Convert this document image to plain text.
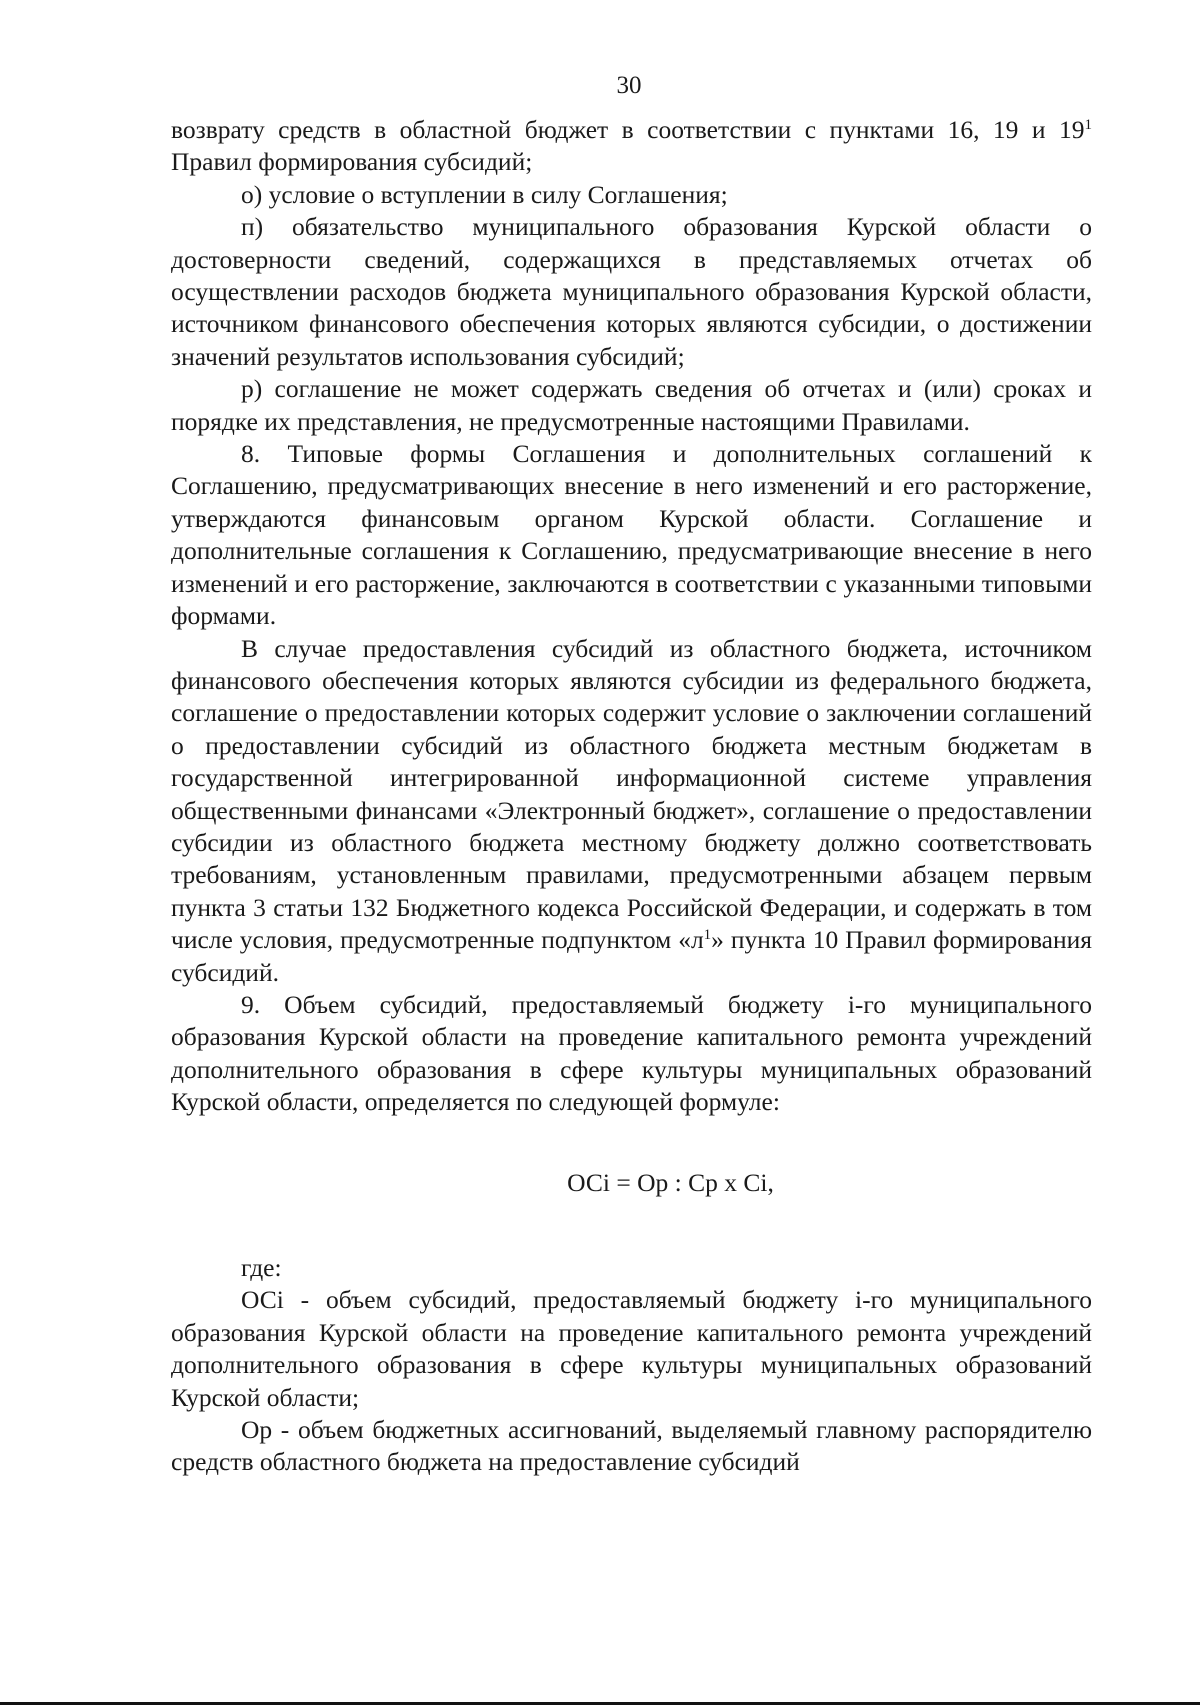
30

возврату средств в областной бюджет в соответствии с пунктами 16, 19 и $19^1$ Правил формирования субсидий;

о) условие о вступлении в силу Соглашения;

п) обязательство муниципального образования Курской области о достоверности сведений, содержащихся в представляемых отчетах об осуществлении расходов бюджета муниципального образования Курской области, источником финансового обеспечения которых являются субсидии, о достижении значений результатов использования субсидий;

р) соглашение не может содержать сведения об отчетах и (или) сроках и порядке их представления, не предусмотренные настоящими Правилами.

8. Типовые формы Соглашения и дополнительных соглашений к Соглашению, предусматривающих внесение в него изменений и его расторжение, утверждаются финансовым органом Курской области. Соглашение и дополнительные соглашения к Соглашению, предусматривающие внесение в него изменений и его расторжение, заключаются в соответствии с указанными типовыми формами.

В случае предоставления субсидий из областного бюджета, источником финансового обеспечения которых являются субсидии из федерального бюджета, соглашение о предоставлении которых содержит условие о заключении соглашений о предоставлении субсидий из областного бюджета местным бюджетам в государственной интегрированной информационной системе управления общественными финансами «Электронный бюджет», соглашение о предоставлении субсидии из областного бюджета местному бюджету должно соответствовать требованиям, установленным правилами, предусмотренными абзацем первым пункта 3 статьи 132 Бюджетного кодекса Российской Федерации, и содержать в том числе условия, предусмотренные подпунктом «$л^1$» пункта 10 Правил формирования субсидий.

9. Объем субсидий, предоставляемый бюджету i-го муниципального образования Курской области на проведение капитального ремонта учреждений дополнительного образования в сфере культуры муниципальных образований Курской области, определяется по следующей формуле:

ОСi = Ор : Ср x Сi,

где:

ОСi - объем субсидий, предоставляемый бюджету i-го муниципального образования Курской области на проведение капитального ремонта учреждений дополнительного образования в сфере культуры муниципальных образований Курской области;

Ор - объем бюджетных ассигнований, выделяемый главному распорядителю средств областного бюджета на предоставление субсидий
